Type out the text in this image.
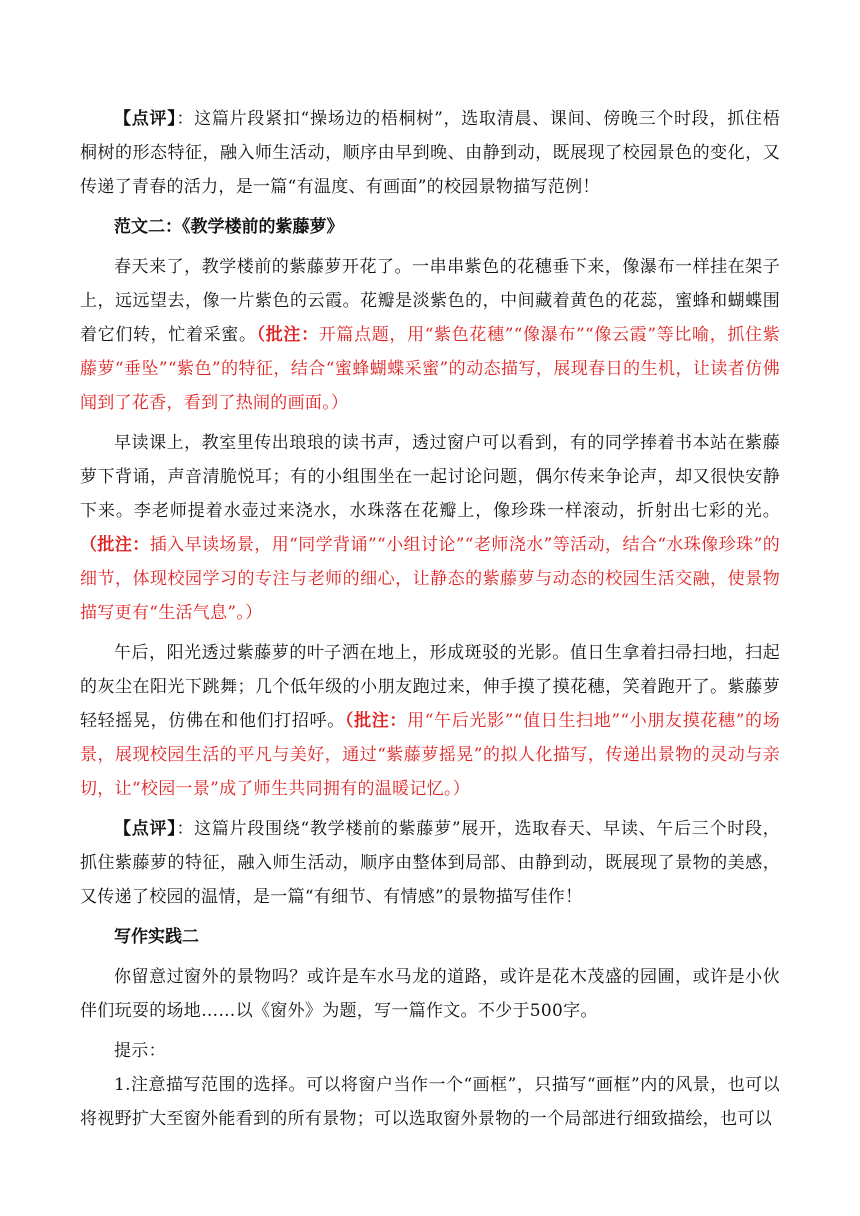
【点评】：这篇片段紧扣“操场边的梧桐树”，选取清晨、课间、傍晚三个时段，抓住梧桐树的形态特征，融入师生活动，顺序由早到晚、由静到动，既展现了校园景色的变化，又传递了青春的活力，是一篇“有温度、有画面”的校园景物描写范例！

范文二：《教学楼前的紫藤萝》

春天来了，教学楼前的紫藤萝开花了。一串串紫色的花穗垂下来，像瀑布一样挂在架子上，远远望去，像一片紫色的云霞。花瓣是淡紫色的，中间藏着黄色的花蕊，蜜蜂和蝴蝶围着它们转，忙着采蜜。（批注：开篇点题，用“紫色花穗”“像瀑布”“像云霞”等比喻，抓住紫藤萝“垂坠”“紫色”的特征，结合“蜜蜂蝴蝶采蜜”的动态描写，展现春日的生机，让读者仿佛闻到了花香，看到了热闹的画面。）

早读课上，教室里传出琅琅的读书声，透过窗户可以看到，有的同学捧着书本站在紫藤萝下背诵，声音清脆悦耳；有的小组围坐在一起讨论问题，偶尔传来争论声，却又很快安静下来。李老师提着水壶过来浇水，水珠落在花瓣上，像珍珠一样滚动，折射出七彩的光。（批注：插入早读场景，用“同学背诵”“小组讨论”“老师浇水”等活动，结合“水珠像珍珠”的细节，体现校园学习的专注与老师的细心，让静态的紫藤萝与动态的校园生活交融，使景物描写更有“生活气息”。）

午后，阳光透过紫藤萝的叶子洒在地上，形成斑驳的光影。值日生拿着扫帚扫地，扫起的灰尘在阳光下跳舞；几个低年级的小朋友跑过来，伸手摸了摸花穗，笑着跑开了。紫藤萝轻轻摇晃，仿佛在和他们打招呼。（批注：用“午后光影”“值日生扫地”“小朋友摸花穗”的场景，展现校园生活的平凡与美好，通过“紫藤萝摇晃”的拟人化描写，传递出景物的灵动与亲切，让“校园一景”成了师生共同拥有的温暖记忆。）

【点评】：这篇片段围绕“教学楼前的紫藤萝”展开，选取春天、早读、午后三个时段，抓住紫藤萝的特征，融入师生活动，顺序由整体到局部、由静到动，既展现了景物的美感，又传递了校园的温情，是一篇“有细节、有情感”的景物描写佳作！

写作实践二

你留意过窗外的景物吗？或许是车水马龙的道路，或许是花木茂盛的园圃，或许是小伙伴们玩耍的场地……以《窗外》为题，写一篇作文。不少于500字。

提示：

1.注意描写范围的选择。可以将窗户当作一个“画框”，只描写“画框”内的风景，也可以将视野扩大至窗外能看到的所有景物；可以选取窗外景物的一个局部进行细致描绘，也可以
